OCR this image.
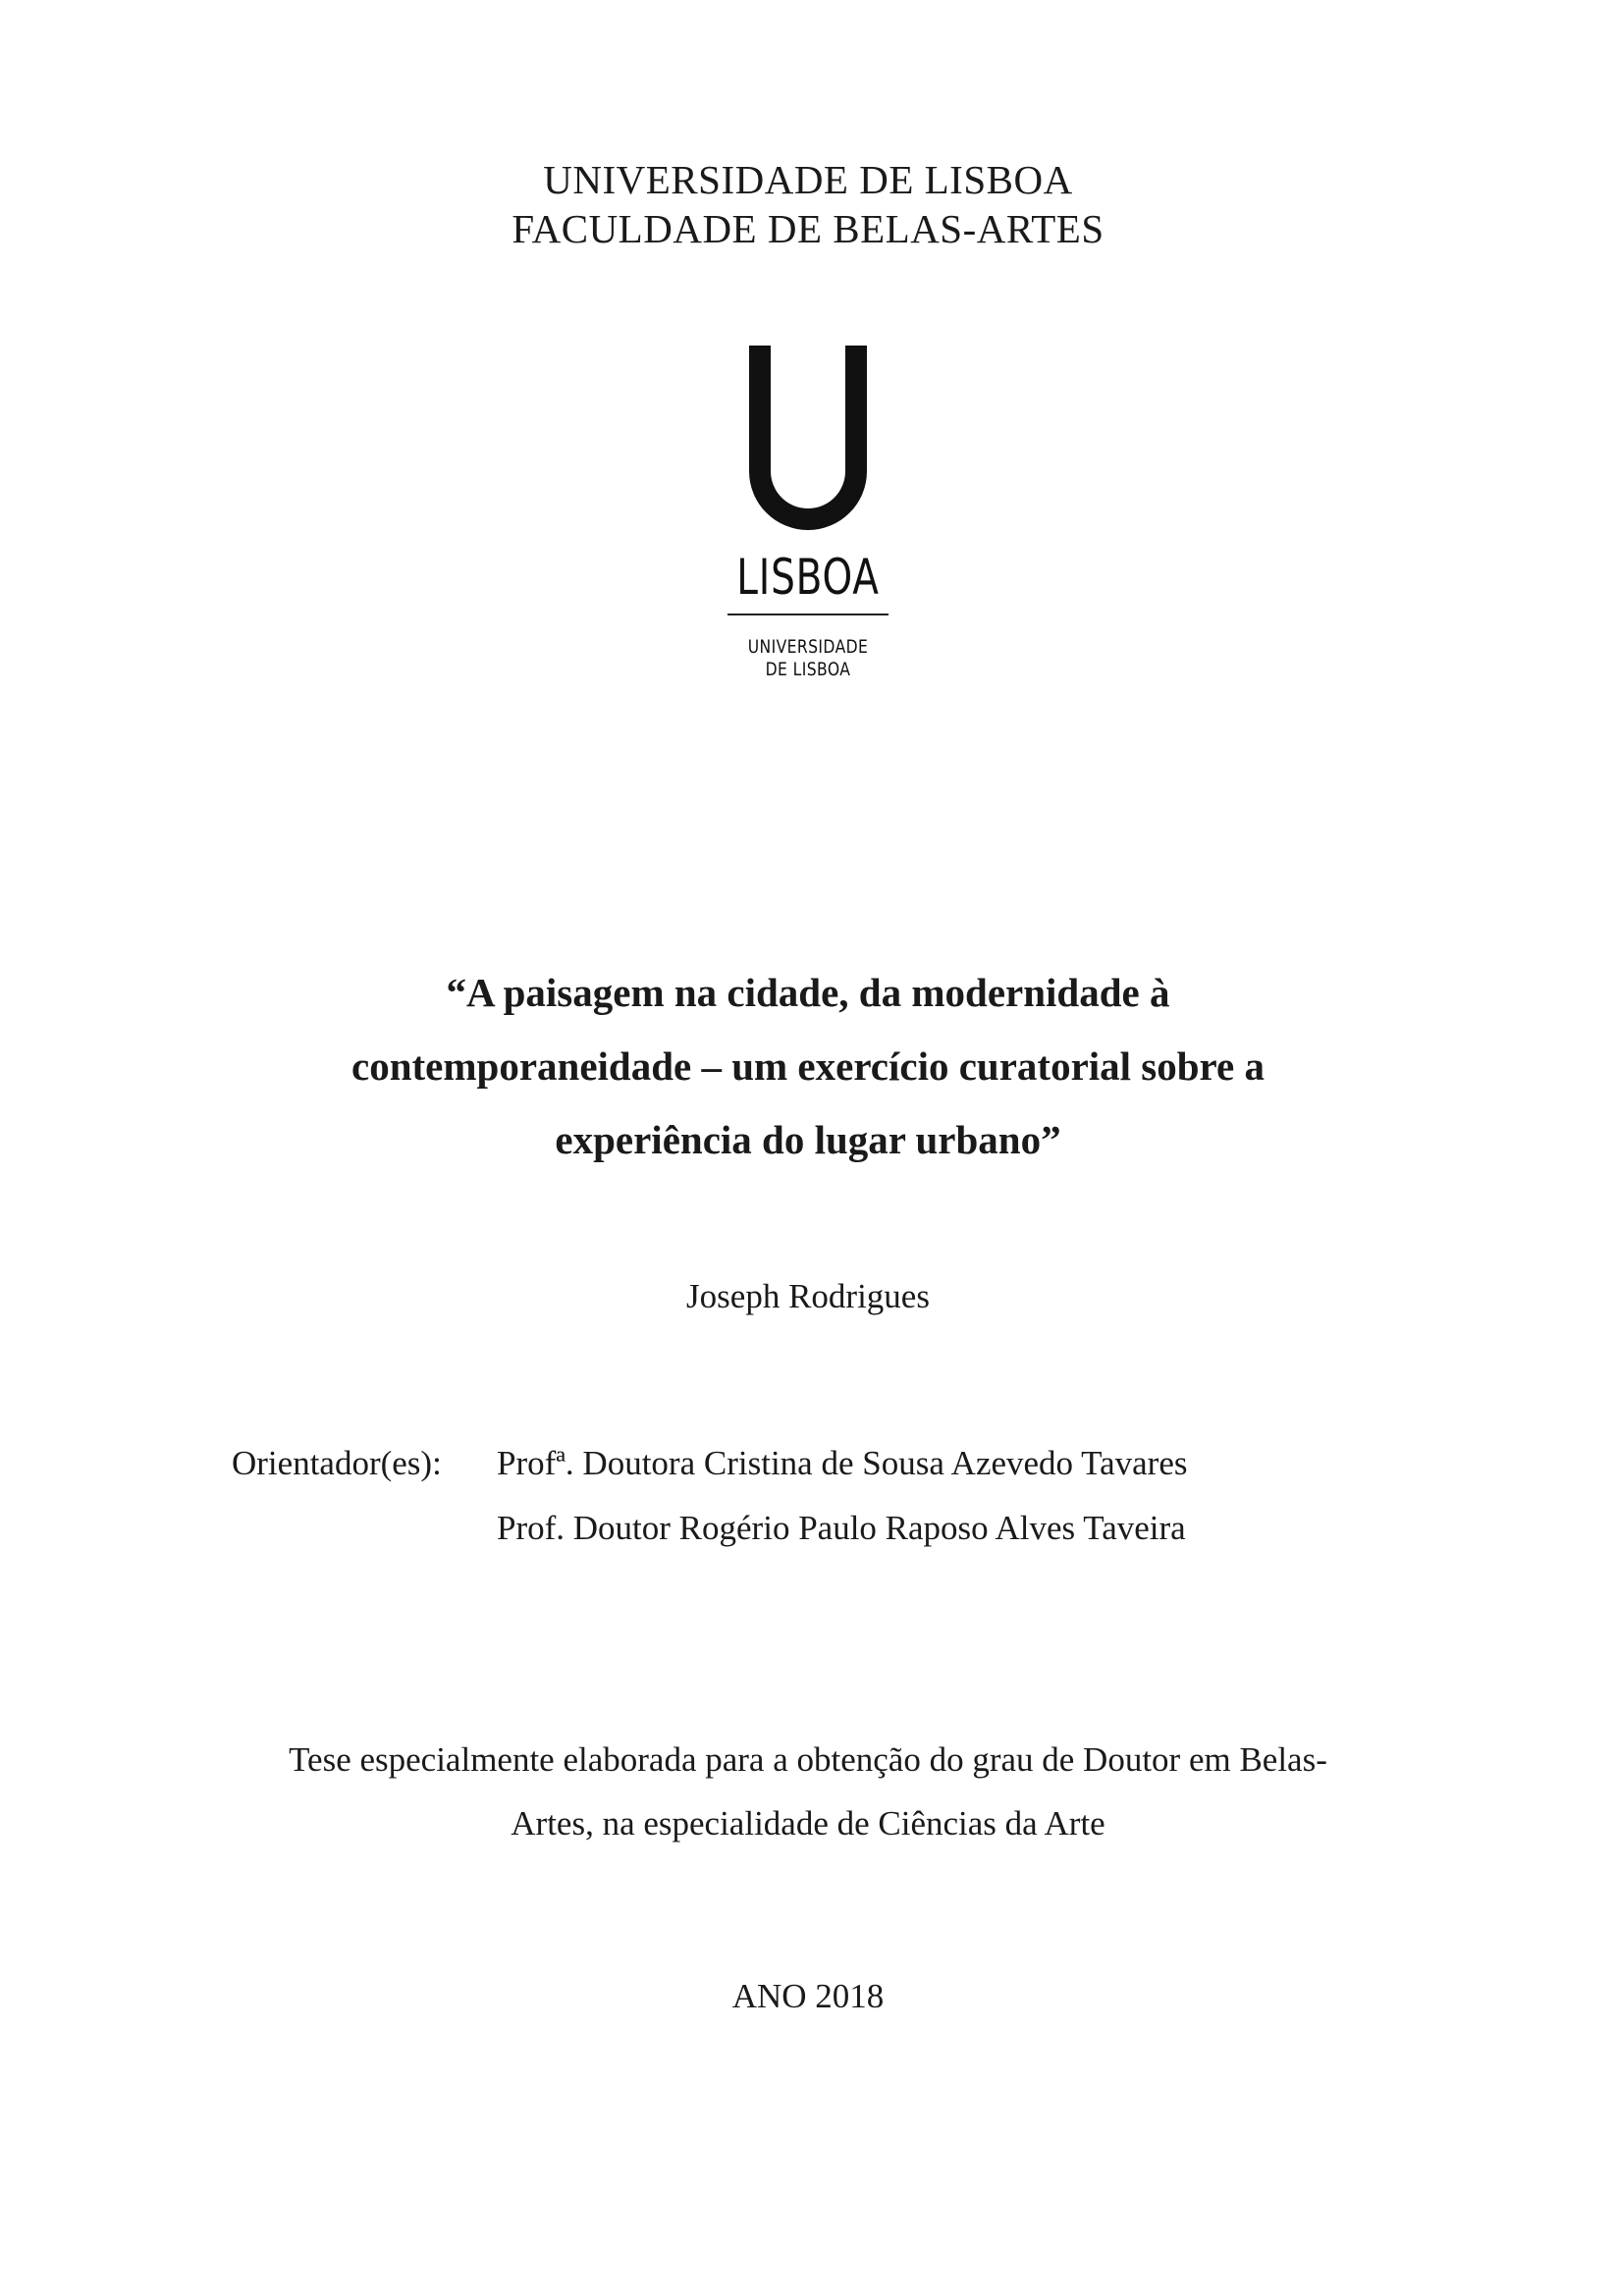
UNIVERSIDADE DE LISBOA
FACULDADE DE BELAS-ARTES
LISBOA
UNIVERSIDADE
DE LISBOA
“A paisagem na cidade, da modernidade à
contemporaneidade – um exercício curatorial sobre a
experiência do lugar urbano”
Joseph Rodrigues
Orientador(es): Profª. Doutora Cristina de Sousa Azevedo Tavares
Prof. Doutor Rogério Paulo Raposo Alves Taveira
Tese especialmente elaborada para a obtenção do grau de Doutor em Belas-
Artes, na especialidade de Ciências da Arte
ANO 2018
